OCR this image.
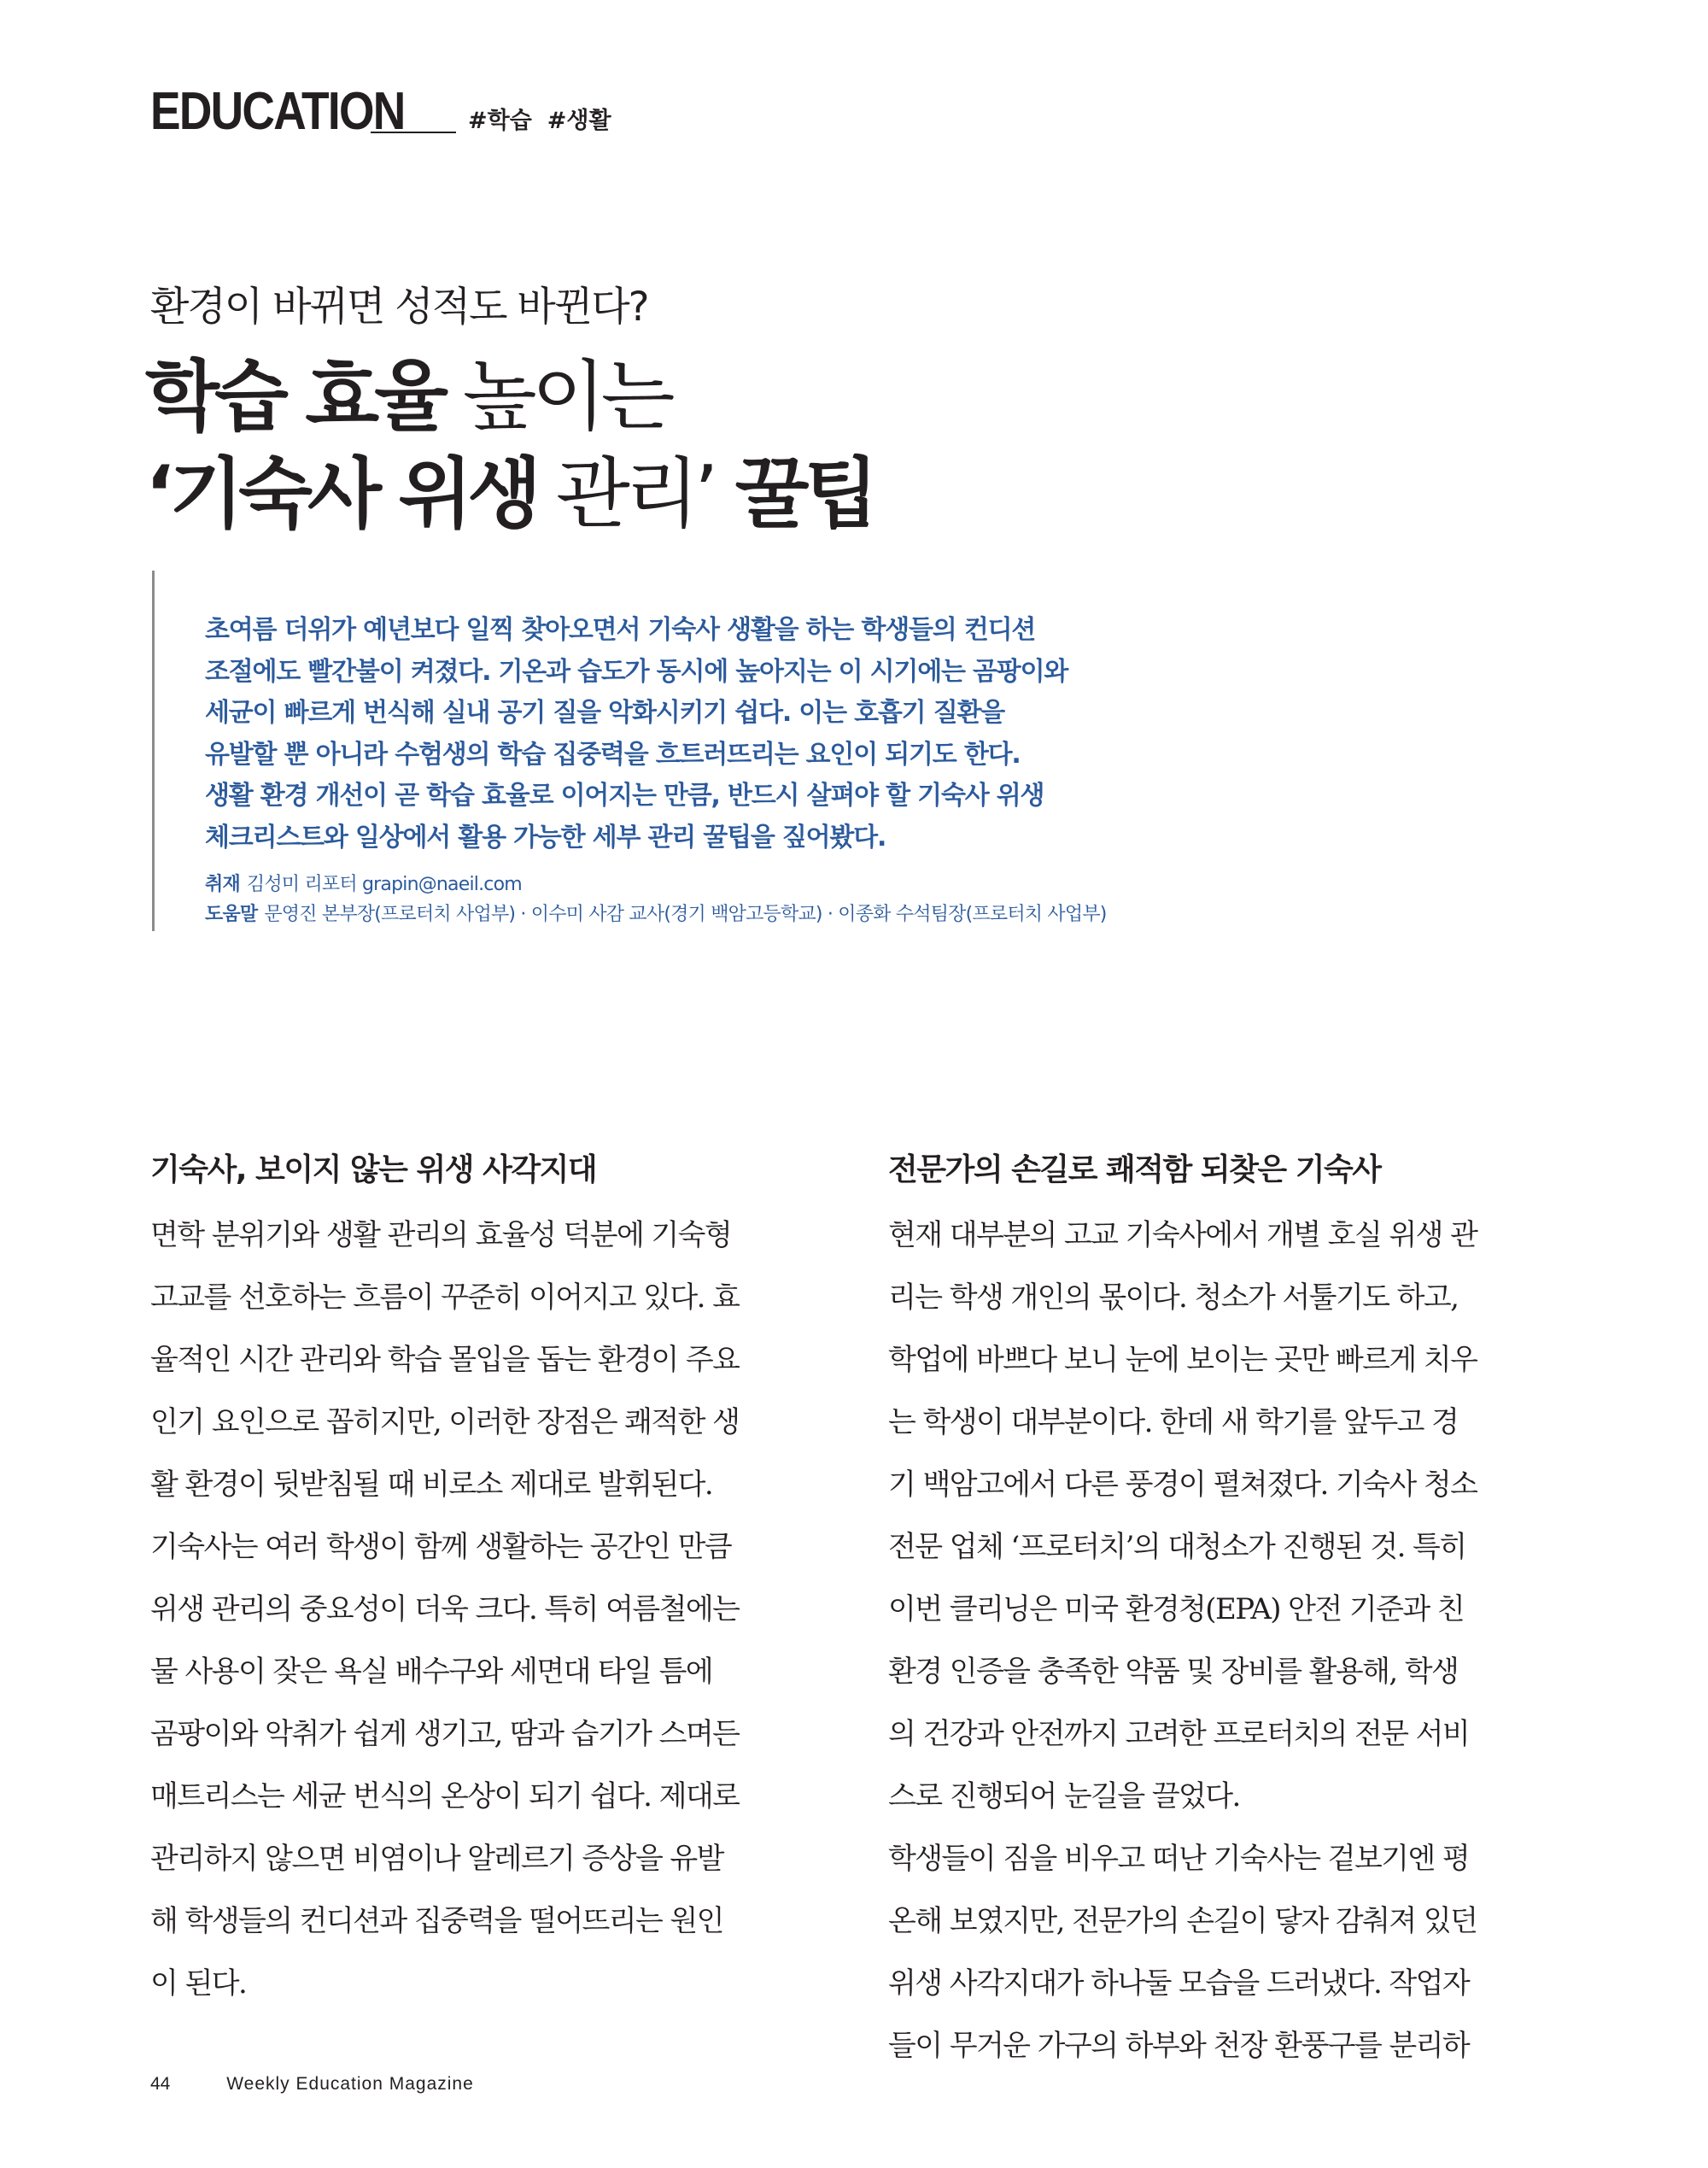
EDUCATION	#학습 #생활
환경이 바뀌면 성적도 바뀐다?
학습 효율 높이는
‘기숙사 위생 관리’ 꿀팁
초여름 더위가 예년보다 일찍 찾아오면서 기숙사 생활을 하는 학생들의 컨디션
조절에도 빨간불이 켜졌다. 기온과 습도가 동시에 높아지는 이 시기에는 곰팡이와
세균이 빠르게 번식해 실내 공기 질을 악화시키기 쉽다. 이는 호흡기 질환을
유발할 뿐 아니라 수험생의 학습 집중력을 흐트러뜨리는 요인이 되기도 한다.
생활 환경 개선이 곧 학습 효율로 이어지는 만큼, 반드시 살펴야 할 기숙사 위생
체크리스트와 일상에서 활용 가능한 세부 관리 꿀팁을 짚어봤다.
취재 김성미 리포터 grapin@naeil.com
도움말 문영진 본부장(프로터치 사업부) · 이수미 사감 교사(경기 백암고등학교) · 이종화 수석팀장(프로터치 사업부)
기숙사, 보이지 않는 위생 사각지대
면학 분위기와 생활 관리의 효율성 덕분에 기숙형
고교를 선호하는 흐름이 꾸준히 이어지고 있다. 효
율적인 시간 관리와 학습 몰입을 돕는 환경이 주요
인기 요인으로 꼽히지만, 이러한 장점은 쾌적한 생
활 환경이 뒷받침될 때 비로소 제대로 발휘된다.
기숙사는 여러 학생이 함께 생활하는 공간인 만큼
위생 관리의 중요성이 더욱 크다. 특히 여름철에는
물 사용이 잦은 욕실 배수구와 세면대 타일 틈에
곰팡이와 악취가 쉽게 생기고, 땀과 습기가 스며든
매트리스는 세균 번식의 온상이 되기 쉽다. 제대로
관리하지 않으면 비염이나 알레르기 증상을 유발
해 학생들의 컨디션과 집중력을 떨어뜨리는 원인
이 된다.
전문가의 손길로 쾌적함 되찾은 기숙사
현재 대부분의 고교 기숙사에서 개별 호실 위생 관
리는 학생 개인의 몫이다. 청소가 서툴기도 하고,
학업에 바쁘다 보니 눈에 보이는 곳만 빠르게 치우
는 학생이 대부분이다. 한데 새 학기를 앞두고 경
기 백암고에서 다른 풍경이 펼쳐졌다. 기숙사 청소
전문 업체 ‘프로터치’의 대청소가 진행된 것. 특히
이번 클리닝은 미국 환경청(EPA) 안전 기준과 친
환경 인증을 충족한 약품 및 장비를 활용해, 학생
의 건강과 안전까지 고려한 프로터치의 전문 서비
스로 진행되어 눈길을 끌었다.
학생들이 짐을 비우고 떠난 기숙사는 겉보기엔 평
온해 보였지만, 전문가의 손길이 닿자 감춰져 있던
위생 사각지대가 하나둘 모습을 드러냈다. 작업자
들이 무거운 가구의 하부와 천장 환풍구를 분리하
44	Weekly Education Magazine
